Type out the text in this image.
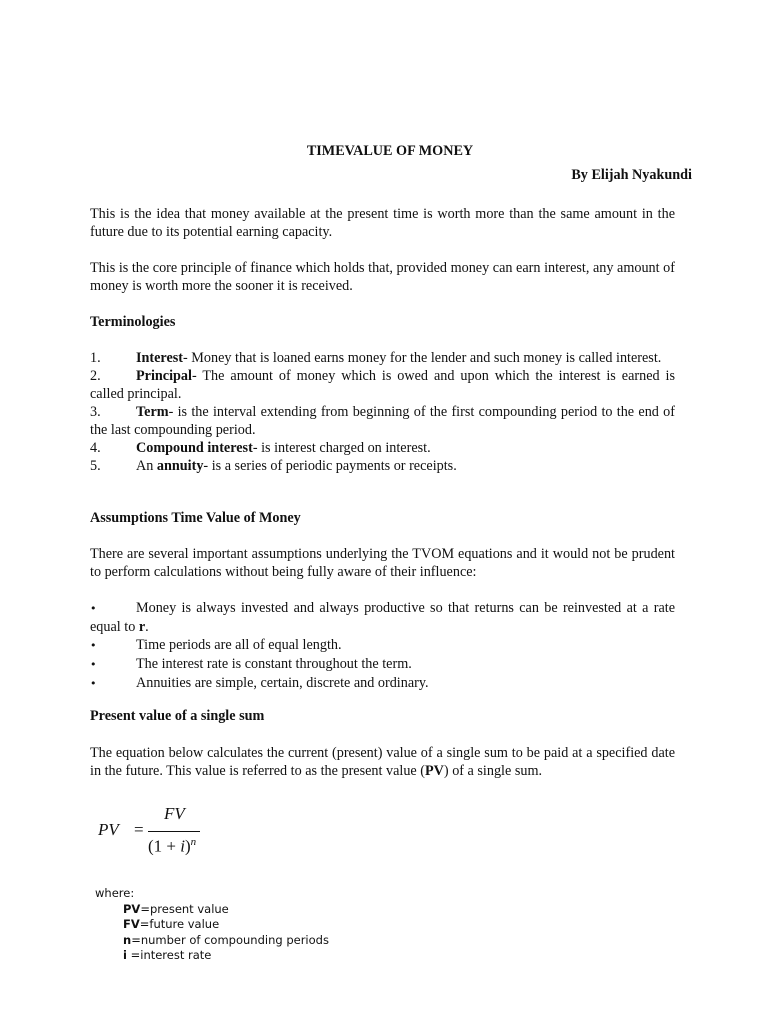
TIMEVALUE OF MONEY
By Elijah Nyakundi
This is the idea that money available at the present time is worth more than the same amount in the future due to its potential earning capacity.
This is the core principle of finance which holds that, provided money can earn interest, any amount of money is worth more the sooner it is received.
Terminologies
1. Interest- Money that is loaned earns money for the lender and such money is called interest.
2. Principal- The amount of money which is owed and upon which the interest is earned is called principal.
3. Term- is the interval extending from beginning of the first compounding period to the end of the last compounding period.
4. Compound interest- is interest charged on interest.
5. An annuity- is a series of periodic payments or receipts.
Assumptions Time Value of Money
There are several important assumptions underlying the TVOM equations and it would not be prudent to perform calculations without being fully aware of their influence:
•	Money is always invested and always productive so that returns can be reinvested at a rate equal to r.
•	Time periods are all of equal length.
•	The interest rate is constant throughout the term.
•	Annuities are simple, certain, discrete and ordinary.
Present value of a single sum
The equation below calculates the current (present) value of a single sum to be paid at a specified date in the future. This value is referred to as the present value (PV) of a single sum.
PV =
FV
$(1 + i)^n$
where:
PV=present value
FV=future value
n=number of compounding periods
i =interest rate
